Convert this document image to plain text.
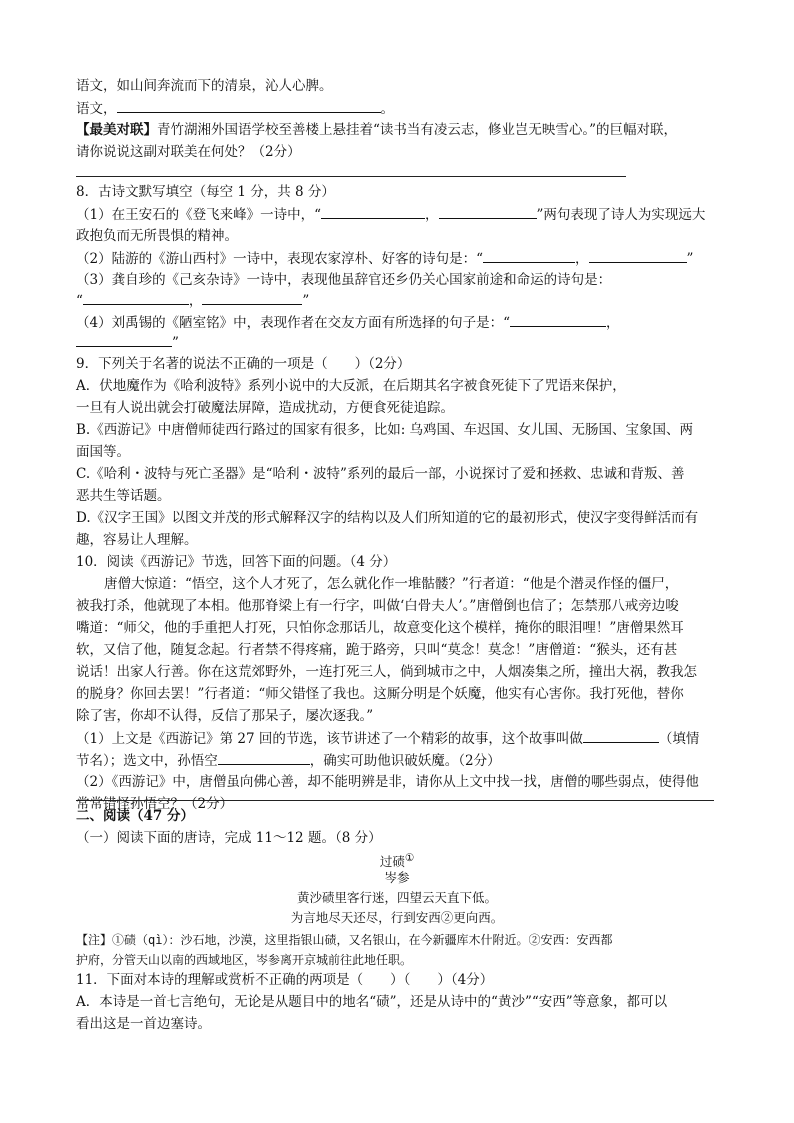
语文，如山间奔流而下的清泉，沁人心脾。
语文，	。
【最美对联】青竹湖湘外国语学校至善楼上悬挂着“读书当有凌云志，修业岂无映雪心。”的巨幅对联，
请你说说这副对联美在何处？（2分）
8．古诗文默写填空（每空 1 分，共 8 分）
（1）在王安石的《登飞来峰》一诗中，“	，	”两句表现了诗人为实现远大
政抱负而无所畏惧的精神。
（2）陆游的《游山西村》一诗中，表现农家淳朴、好客的诗句是：“	，	”
（3）龚自珍的《己亥杂诗》一诗中，表现他虽辞官还乡仍关心国家前途和命运的诗句是：
“	，	”
（4）刘禹锡的《陋室铭》中，表现作者在交友方面有所选择的句子是：“	，
”
9．下列关于名著的说法不正确的一项是（　　）（2分）
A．伏地魔作为《哈利波特》系列小说中的大反派，在后期其名字被食死徒下了咒语来保护，
一旦有人说出就会打破魔法屏障，造成扰动，方便食死徒追踪。
B.《西游记》中唐僧师徒西行路过的国家有很多，比如: 乌鸡国、车迟国、女儿国、无肠国、宝象国、两
面国等。
C.《哈利・波特与死亡圣器》是“哈利・波特”系列的最后一部，小说探讨了爱和拯救、忠诚和背叛、善
恶共生等话题。
D.《汉字王国》以图文并茂的形式解释汉字的结构以及人们所知道的它的最初形式，使汉字变得鲜活而有
趣，容易让人理解。
10．阅读《西游记》节选，回答下面的问题。（4 分）
唐僧大惊道：“悟空，这个人才死了，怎么就化作一堆骷髅？”行者道：“他是个潜灵作怪的僵尸，
被我打杀，他就现了本相。他那脊梁上有一行字，叫做‘白骨夫人’。”唐僧倒也信了；怎禁那八戒旁边唆
嘴道：“师父，他的手重把人打死，只怕你念那话儿，故意变化这个模样，掩你的眼泪哩！”唐僧果然耳
软，又信了他，随复念起。行者禁不得疼痛，跪于路旁，只叫“莫念！莫念！”唐僧道：“猴头，还有甚
说话！出家人行善。你在这荒郊野外，一连打死三人，倘到城市之中，人烟凑集之所，撞出大祸，教我怎
的脱身？你回去罢！”行者道：“师父错怪了我也。这厮分明是个妖魔，他实有心害你。我打死他，替你
除了害，你却不认得，反信了那呆子，屡次逐我。”
（1）上文是《西游记》第 27 回的节选，该节讲述了一个精彩的故事，这个故事叫做	（填情
节名）；选文中，孙悟空	，确实可助他识破妖魔。（2分）
（2）《西游记》中，唐僧虽向佛心善，却不能明辨是非，请你从上文中找一找，唐僧的哪些弱点，使得他
常常错怪孙悟空？（2分）
二、阅读（47 分）
（一）阅读下面的唐诗，完成 11～12 题。（8 分）
过碛①
岑参
黄沙碛里客行迷，四望云天直下低。
为言地尽天还尽，行到安西②更向西。
【注】①碛（qì）：沙石地，沙漠，这里指银山碛，又名银山，在今新疆库木什附近。②安西：安西都
护府，分管天山以南的西域地区，岑参离开京城前往此地任职。
11．下面对本诗的理解或赏析不正确的两项是（　　）（　　）（4分）
A．本诗是一首七言绝句，无论是从题目中的地名“碛”，还是从诗中的“黄沙”“安西”等意象，都可以
看出这是一首边塞诗。
